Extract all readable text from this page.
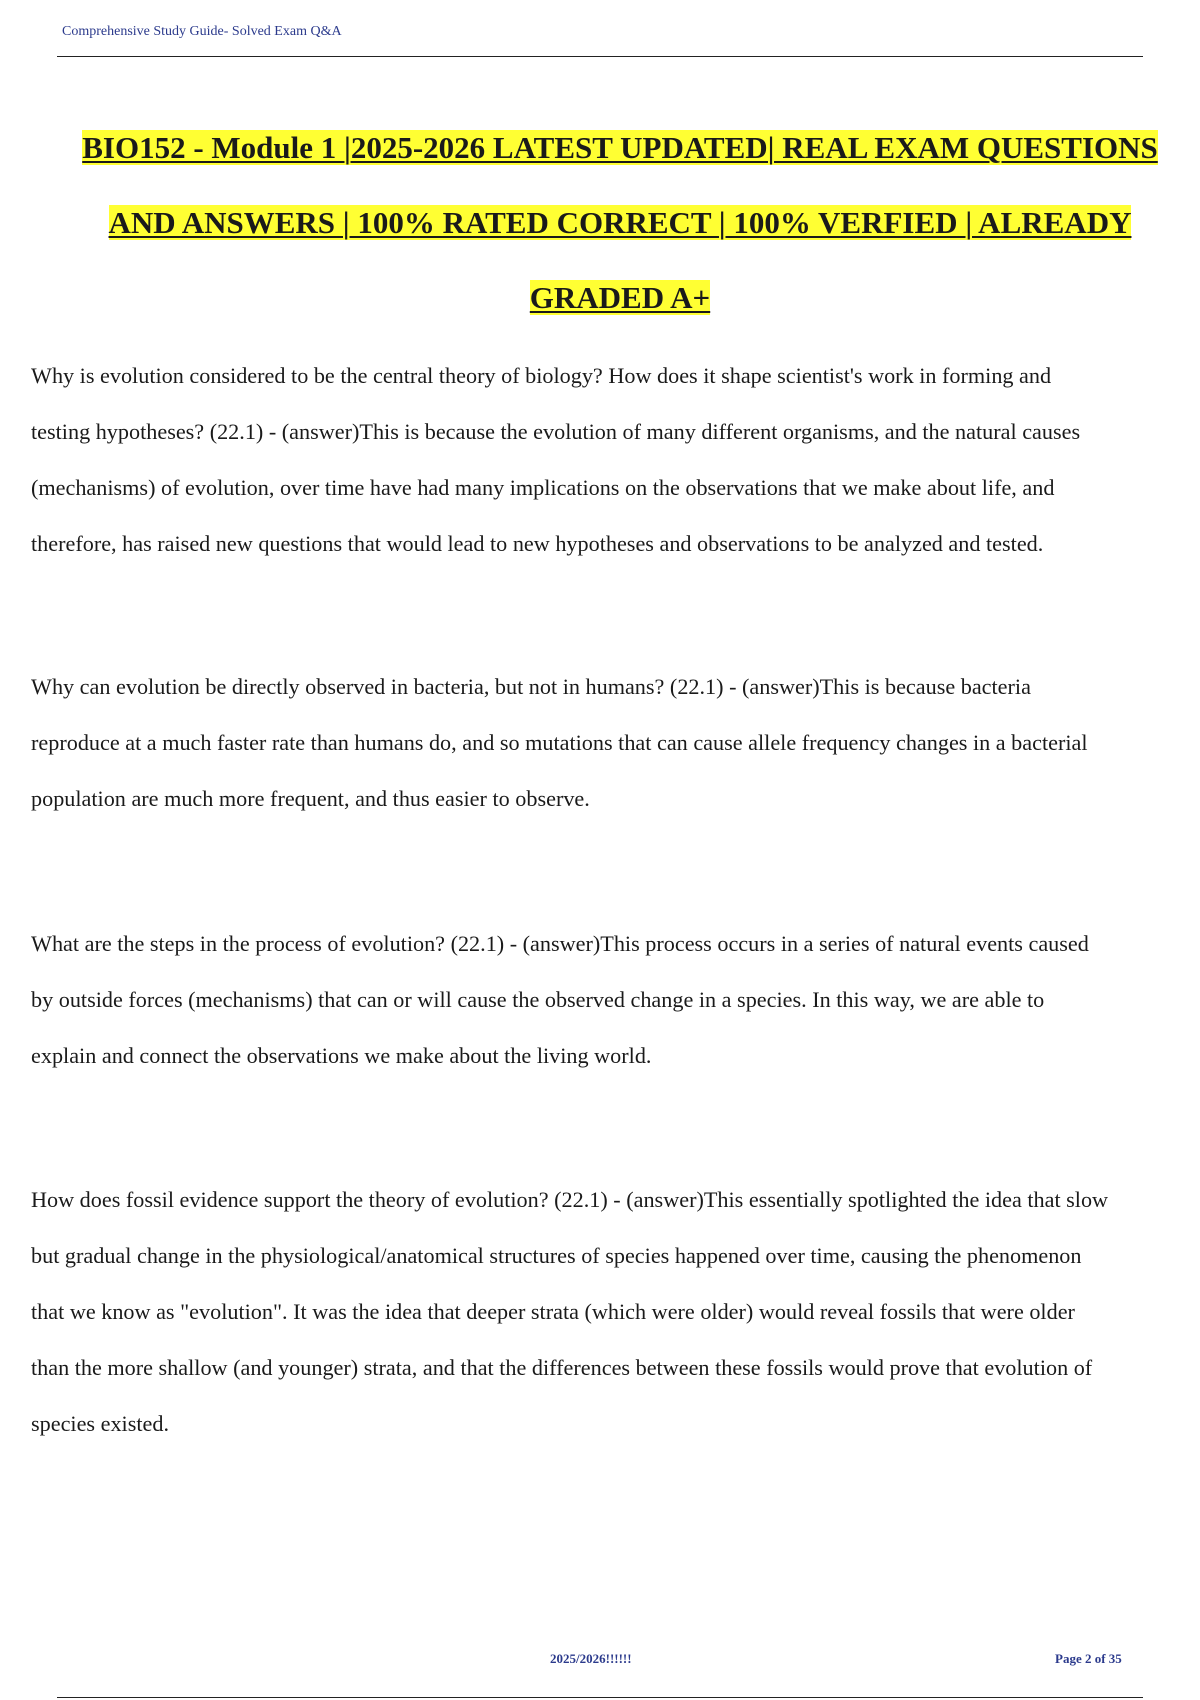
Comprehensive Study Guide- Solved Exam Q&A
BIO152 - Module 1 |2025-2026 LATEST UPDATED| REAL EXAM QUESTIONS
AND ANSWERS | 100% RATED CORRECT | 100% VERFIED | ALREADY
GRADED A+
Why is evolution considered to be the central theory of biology? How does it shape scientist's work in forming and
testing hypotheses? (22.1) - (answer)This is because the evolution of many different organisms, and the natural causes
(mechanisms) of evolution, over time have had many implications on the observations that we make about life, and
therefore, has raised new questions that would lead to new hypotheses and observations to be analyzed and tested.
Why can evolution be directly observed in bacteria, but not in humans? (22.1) - (answer)This is because bacteria
reproduce at a much faster rate than humans do, and so mutations that can cause allele frequency changes in a bacterial
population are much more frequent, and thus easier to observe.
What are the steps in the process of evolution? (22.1) - (answer)This process occurs in a series of natural events caused
by outside forces (mechanisms) that can or will cause the observed change in a species. In this way, we are able to
explain and connect the observations we make about the living world.
How does fossil evidence support the theory of evolution? (22.1) - (answer)This essentially spotlighted the idea that slow
but gradual change in the physiological/anatomical structures of species happened over time, causing the phenomenon
that we know as "evolution". It was the idea that deeper strata (which were older) would reveal fossils that were older
than the more shallow (and younger) strata, and that the differences between these fossils would prove that evolution of
species existed.
2025/2026!!!!!!	Page 2 of 35
